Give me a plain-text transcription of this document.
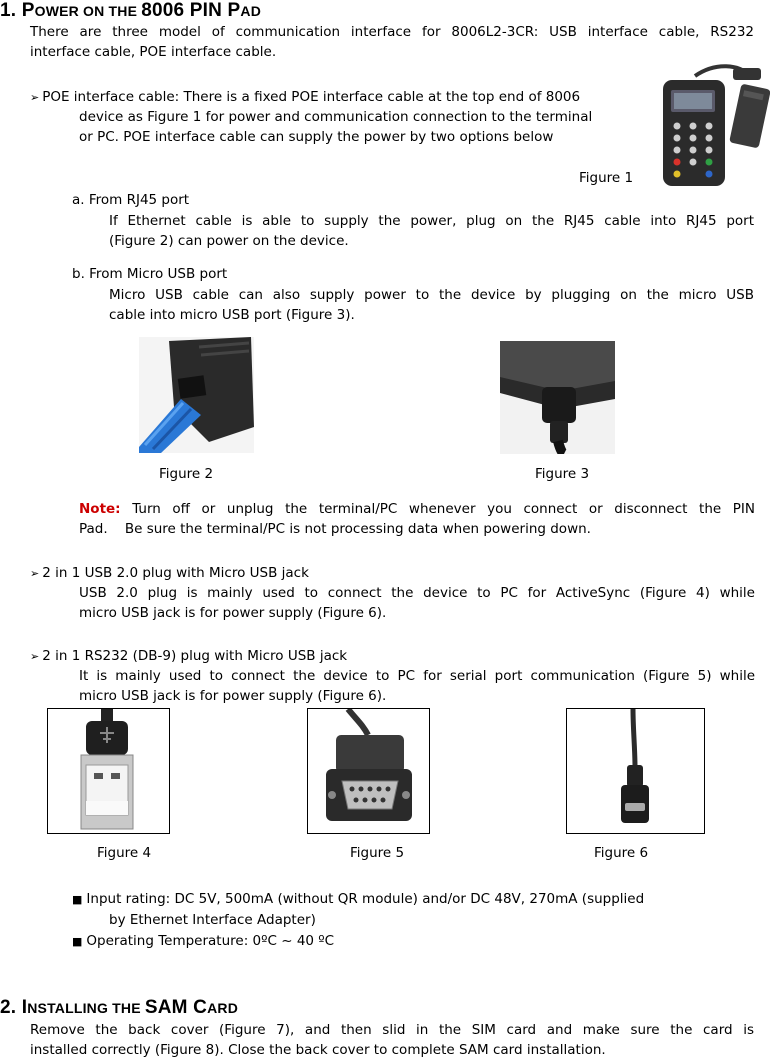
1. POWER ON THE 8006 PIN PAD
There are three model of communication interface for 8006L2-3CR: USB interface cable, RS232
interface cable, POE interface cable.
➢ POE interface cable: There is a fixed POE interface cable at the top end of 8006
device as Figure 1 for power and communication connection to the terminal
or PC. POE interface cable can supply the power by two options below
Figure 1
a. From RJ45 port
If Ethernet cable is able to supply the power, plug on the RJ45 cable into RJ45 port
(Figure 2) can power on the device.
b. From Micro USB port
Micro USB cable can also supply power to the device by plugging on the micro USB
cable into micro USB port (Figure 3).
Figure 2	Figure 3
Note: Turn off or unplug the terminal/PC whenever you connect or disconnect the PIN
Pad.    Be sure the terminal/PC is not processing data when powering down.
➢ 2 in 1 USB 2.0 plug with Micro USB jack
USB 2.0 plug is mainly used to connect the device to PC for ActiveSync (Figure 4) while
micro USB jack is for power supply (Figure 6).
➢ 2 in 1 RS232 (DB-9) plug with Micro USB jack
It is mainly used to connect the device to PC for serial port communication (Figure 5) while
micro USB jack is for power supply (Figure 6).
Figure 4	Figure 5	Figure 6
■ Input rating: DC 5V, 500mA (without QR module) and/or DC 48V, 270mA (supplied
by Ethernet Interface Adapter)
■ Operating Temperature: 0ºC ~ 40 ºC
2. INSTALLING THE SAM CARD
Remove the back cover (Figure 7), and then slid in the SIM card and make sure the card is
installed correctly (Figure 8). Close the back cover to complete SAM card installation.
